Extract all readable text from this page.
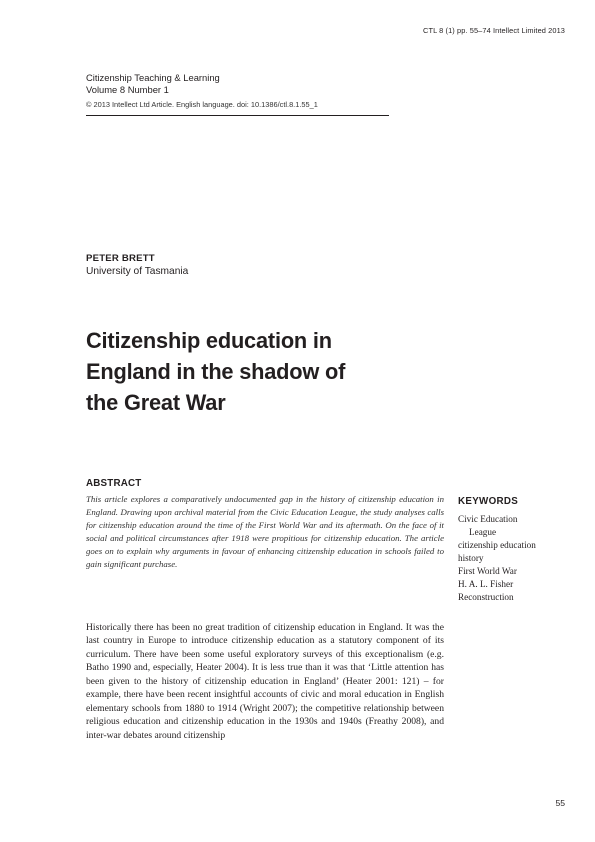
CTL 8 (1) pp. 55–74 Intellect Limited 2013
Citizenship Teaching & Learning
Volume 8 Number 1
© 2013 Intellect Ltd Article. English language. doi: 10.1386/ctl.8.1.55_1
PETER BRETT
University of Tasmania
Citizenship education in
England in the shadow of
the Great War
ABSTRACT

This article explores a comparatively undocumented gap in the history of citizenship education in England. Drawing upon archival material from the Civic Education League, the study analyses calls for citizenship education around the time of the First World War and its aftermath. On the face of it social and political circumstances after 1918 were propitious for citizenship education. The article goes on to explain why arguments in favour of enhancing citizenship education in schools failed to gain significant purchase.

KEYWORDS
Civic Education
League
citizenship education
history
First World War
H. A. L. Fisher
Reconstruction

Historically there has been no great tradition of citizenship education in England. It was the last country in Europe to introduce citizenship education as a statutory component of its curriculum. There have been some useful exploratory surveys of this exceptionalism (e.g. Batho 1990 and, especially, Heater 2004). It is less true than it was that ‘Little attention has been given to the history of citizenship education in England’ (Heater 2001: 121) – for example, there have been recent insightful accounts of civic and moral education in English elementary schools from 1880 to 1914 (Wright 2007); the competitive relationship between religious education and citizenship education in the 1930s and 1940s (Freathy 2008), and inter-war debates around citizenship

55
